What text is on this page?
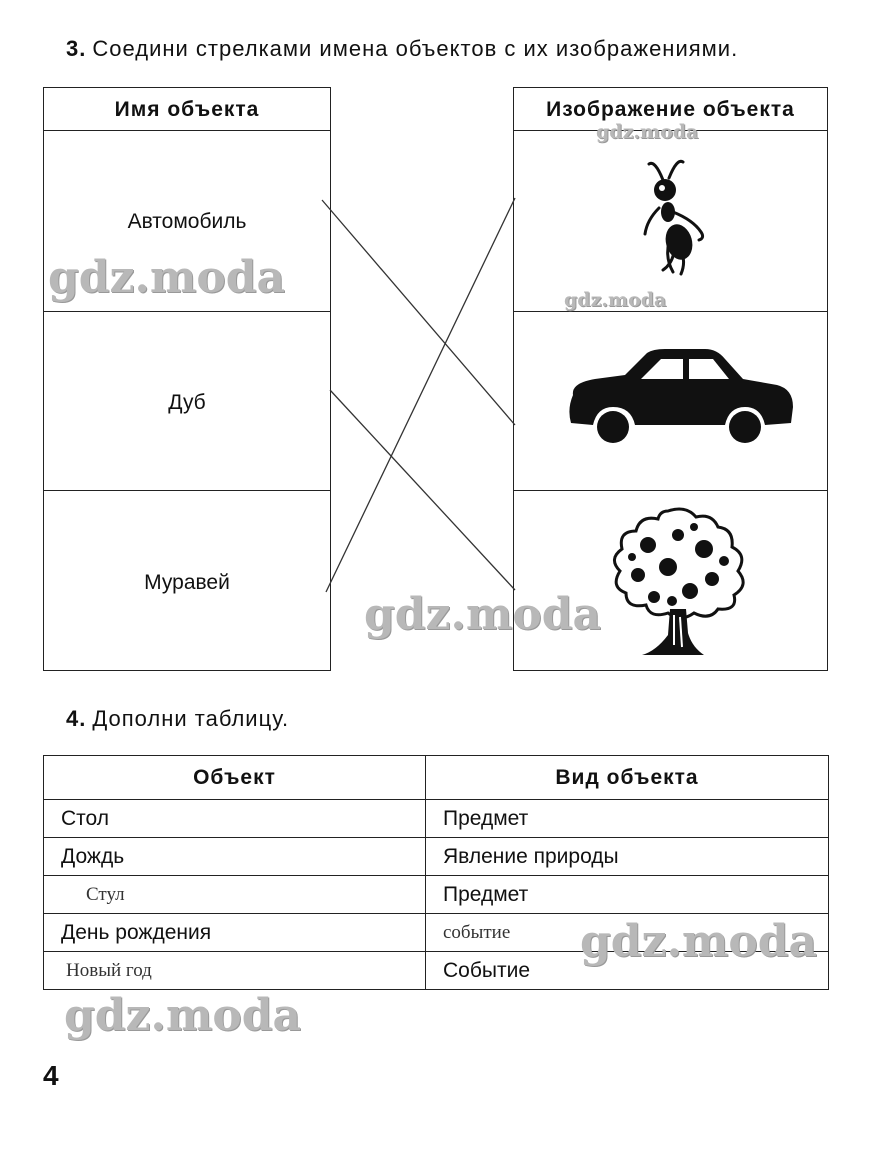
3. Соедини стрелками имена объектов с их изображениями.
Имя объекта
Автомобиль
Дуб
Муравей
Изображение объекта
4. Дополни таблицу.
Объект	Вид объекта
Стол	Предмет
Дождь	Явление природы
Стул	Предмет
День рождения	событие
Новый год	Событие
gdz.moda
gdz.moda
gdz.moda
gdz.moda
gdz.moda
gdz.moda
4
